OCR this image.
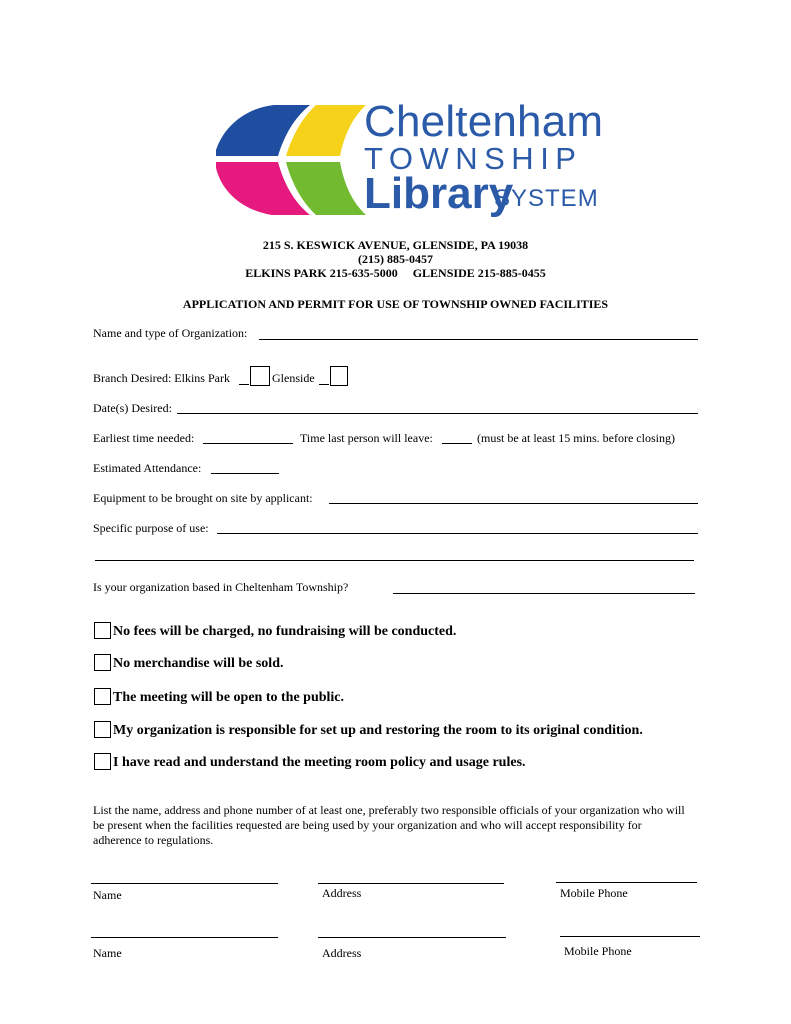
Cheltenham
TOWNSHIP
Library
SYSTEM
215 S. KESWICK AVENUE, GLENSIDE, PA 19038
(215) 885-0457
ELKINS PARK 215-635-5000     GLENSIDE 215-885-0455
APPLICATION AND PERMIT FOR USE OF TOWNSHIP OWNED FACILITIES
Name and type of Organization:
Branch Desired: Elkins Park	Glenside
Date(s) Desired:
Earliest time needed:	Time last person will leave:	(must be at least 15 mins. before closing)
Estimated Attendance:
Equipment to be brought on site by applicant:
Specific purpose of use:
Is your organization based in Cheltenham Township?
No fees will be charged, no fundraising will be conducted.
No merchandise will be sold.
The meeting will be open to the public.
My organization is responsible for set up and restoring the room to its original condition.
I have read and understand the meeting room policy and usage rules.
List the name, address and phone number of at least one, preferably two responsible officials of your organization who will be present when the facilities requested are being used by your organization and who will accept responsibility for adherence to regulations.
Name	Address	Mobile Phone
Name	Address	Mobile Phone
